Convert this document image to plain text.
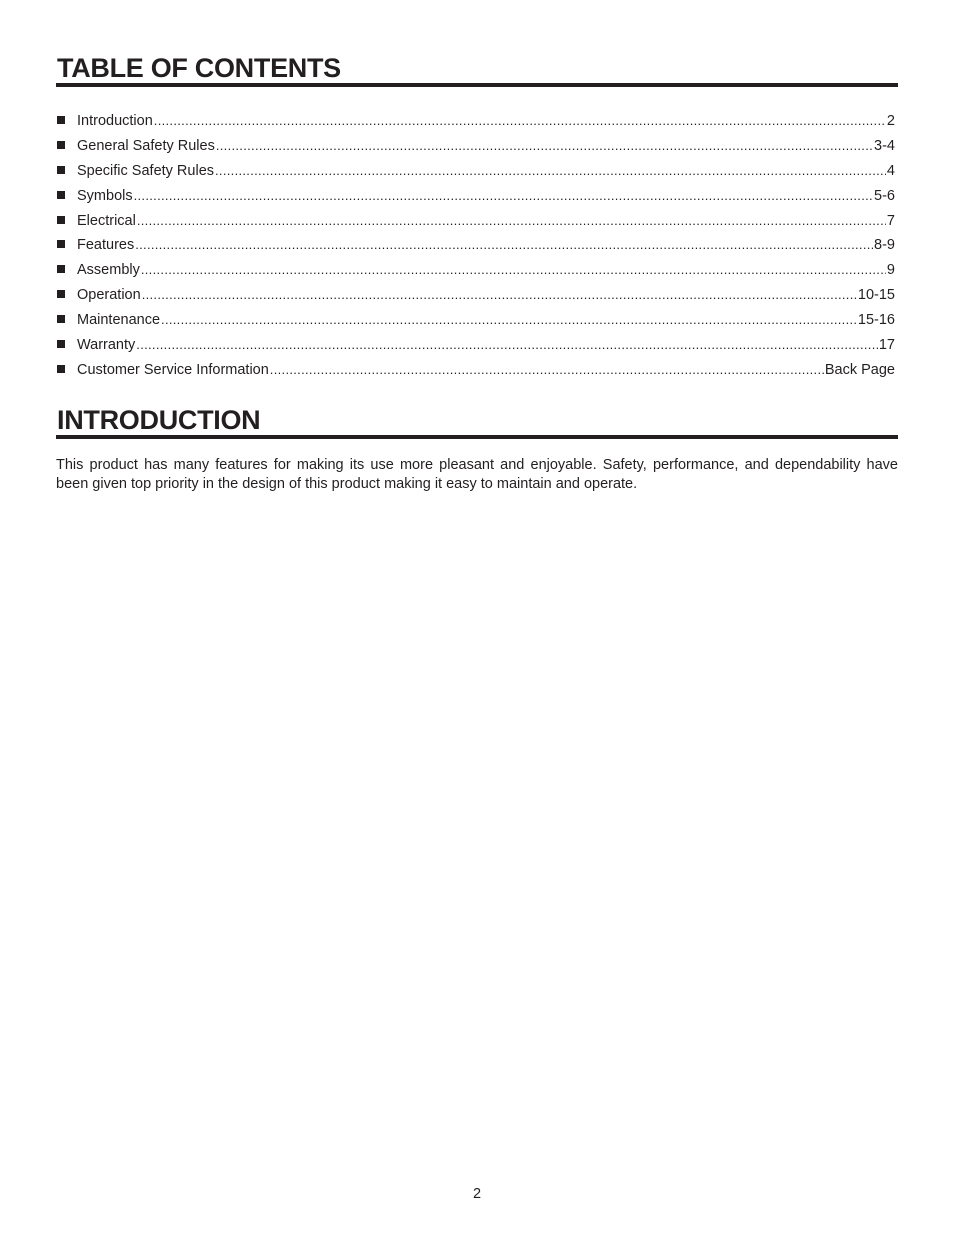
TABLE OF CONTENTS
Introduction .....	2
General Safety Rules .....	3-4
Specific Safety Rules .....	4
Symbols .....	5-6
Electrical .....	7
Features .....	8-9
Assembly .....	9
Operation .....	10-15
Maintenance .....	15-16
Warranty .....	17
Customer Service Information .....	Back Page
INTRODUCTION

This product has many features for making its use more pleasant and enjoyable. Safety, performance, and dependability have been given top priority in the design of this product making it easy to maintain and operate.

2
